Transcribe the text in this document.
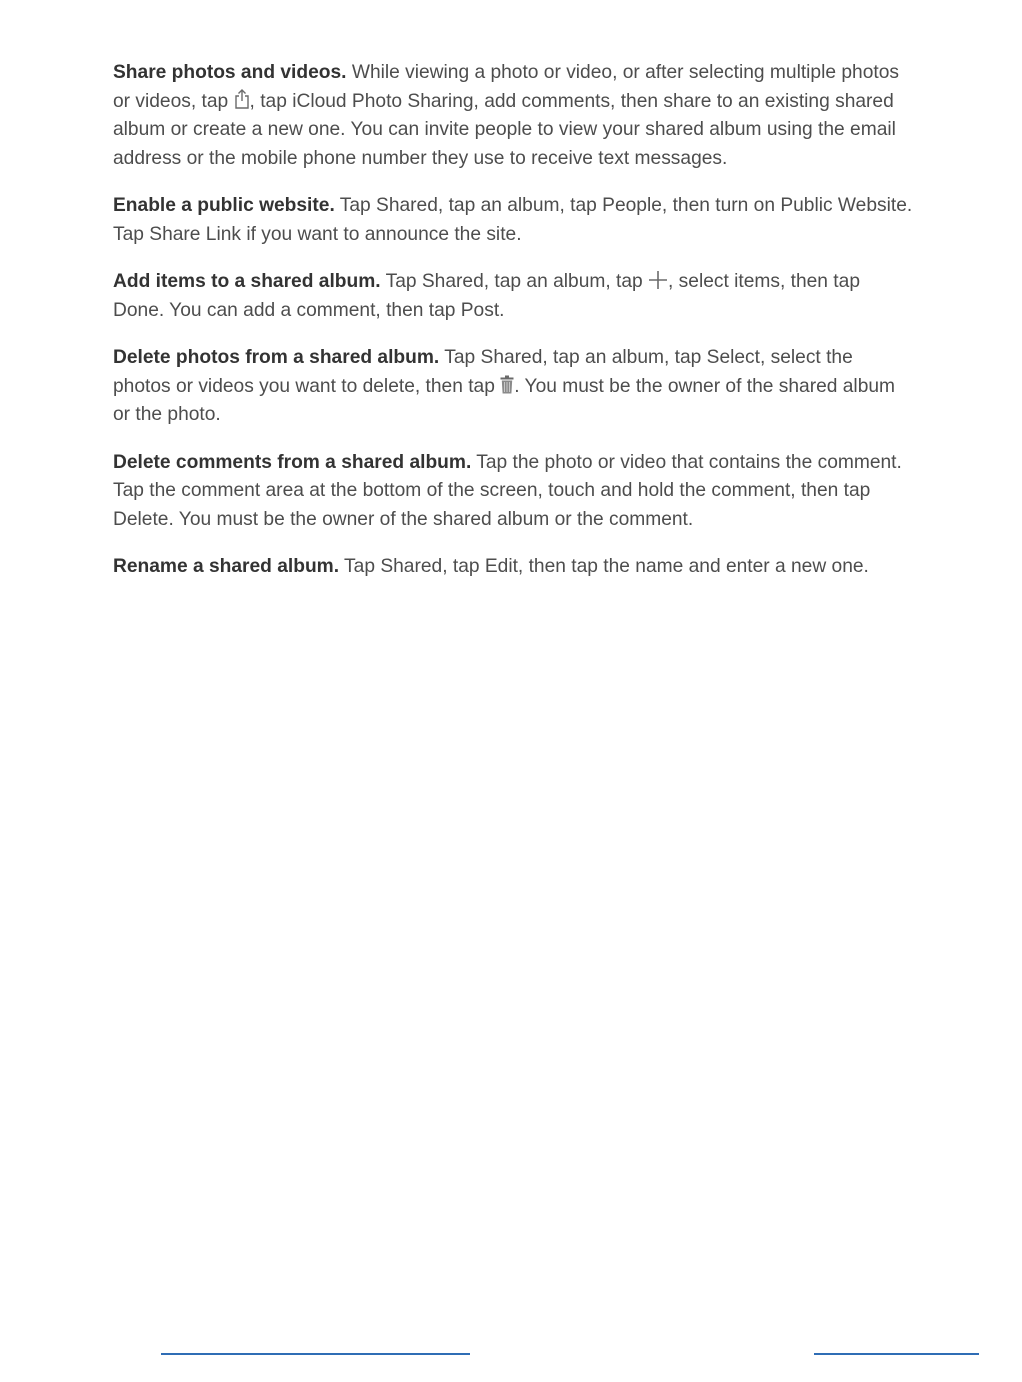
Share photos and videos. While viewing a photo or video, or after selecting multiple photos or videos, tap
, tap iCloud Photo Sharing, add comments, then share to an existing shared album or create a new one. You can invite people to view your shared album using the email address or the mobile phone number they use to receive text messages.

Enable a public website. Tap Shared, tap an album, tap People, then turn on Public Website. Tap Share Link if you want to announce the site.

Add items to a shared album. Tap Shared, tap an album, tap
, select items, then tap Done. You can add a comment, then tap Post.

Delete photos from a shared album. Tap Shared, tap an album, tap Select, select the photos or videos you want to delete, then tap
. You must be the owner of the shared album or the photo.

Delete comments from a shared album. Tap the photo or video that contains the comment. Tap the comment area at the bottom of the screen, touch and hold the comment, then tap Delete. You must be the owner of the shared album or the comment.

Rename a shared album. Tap Shared, tap Edit, then tap the name and enter a new one.
